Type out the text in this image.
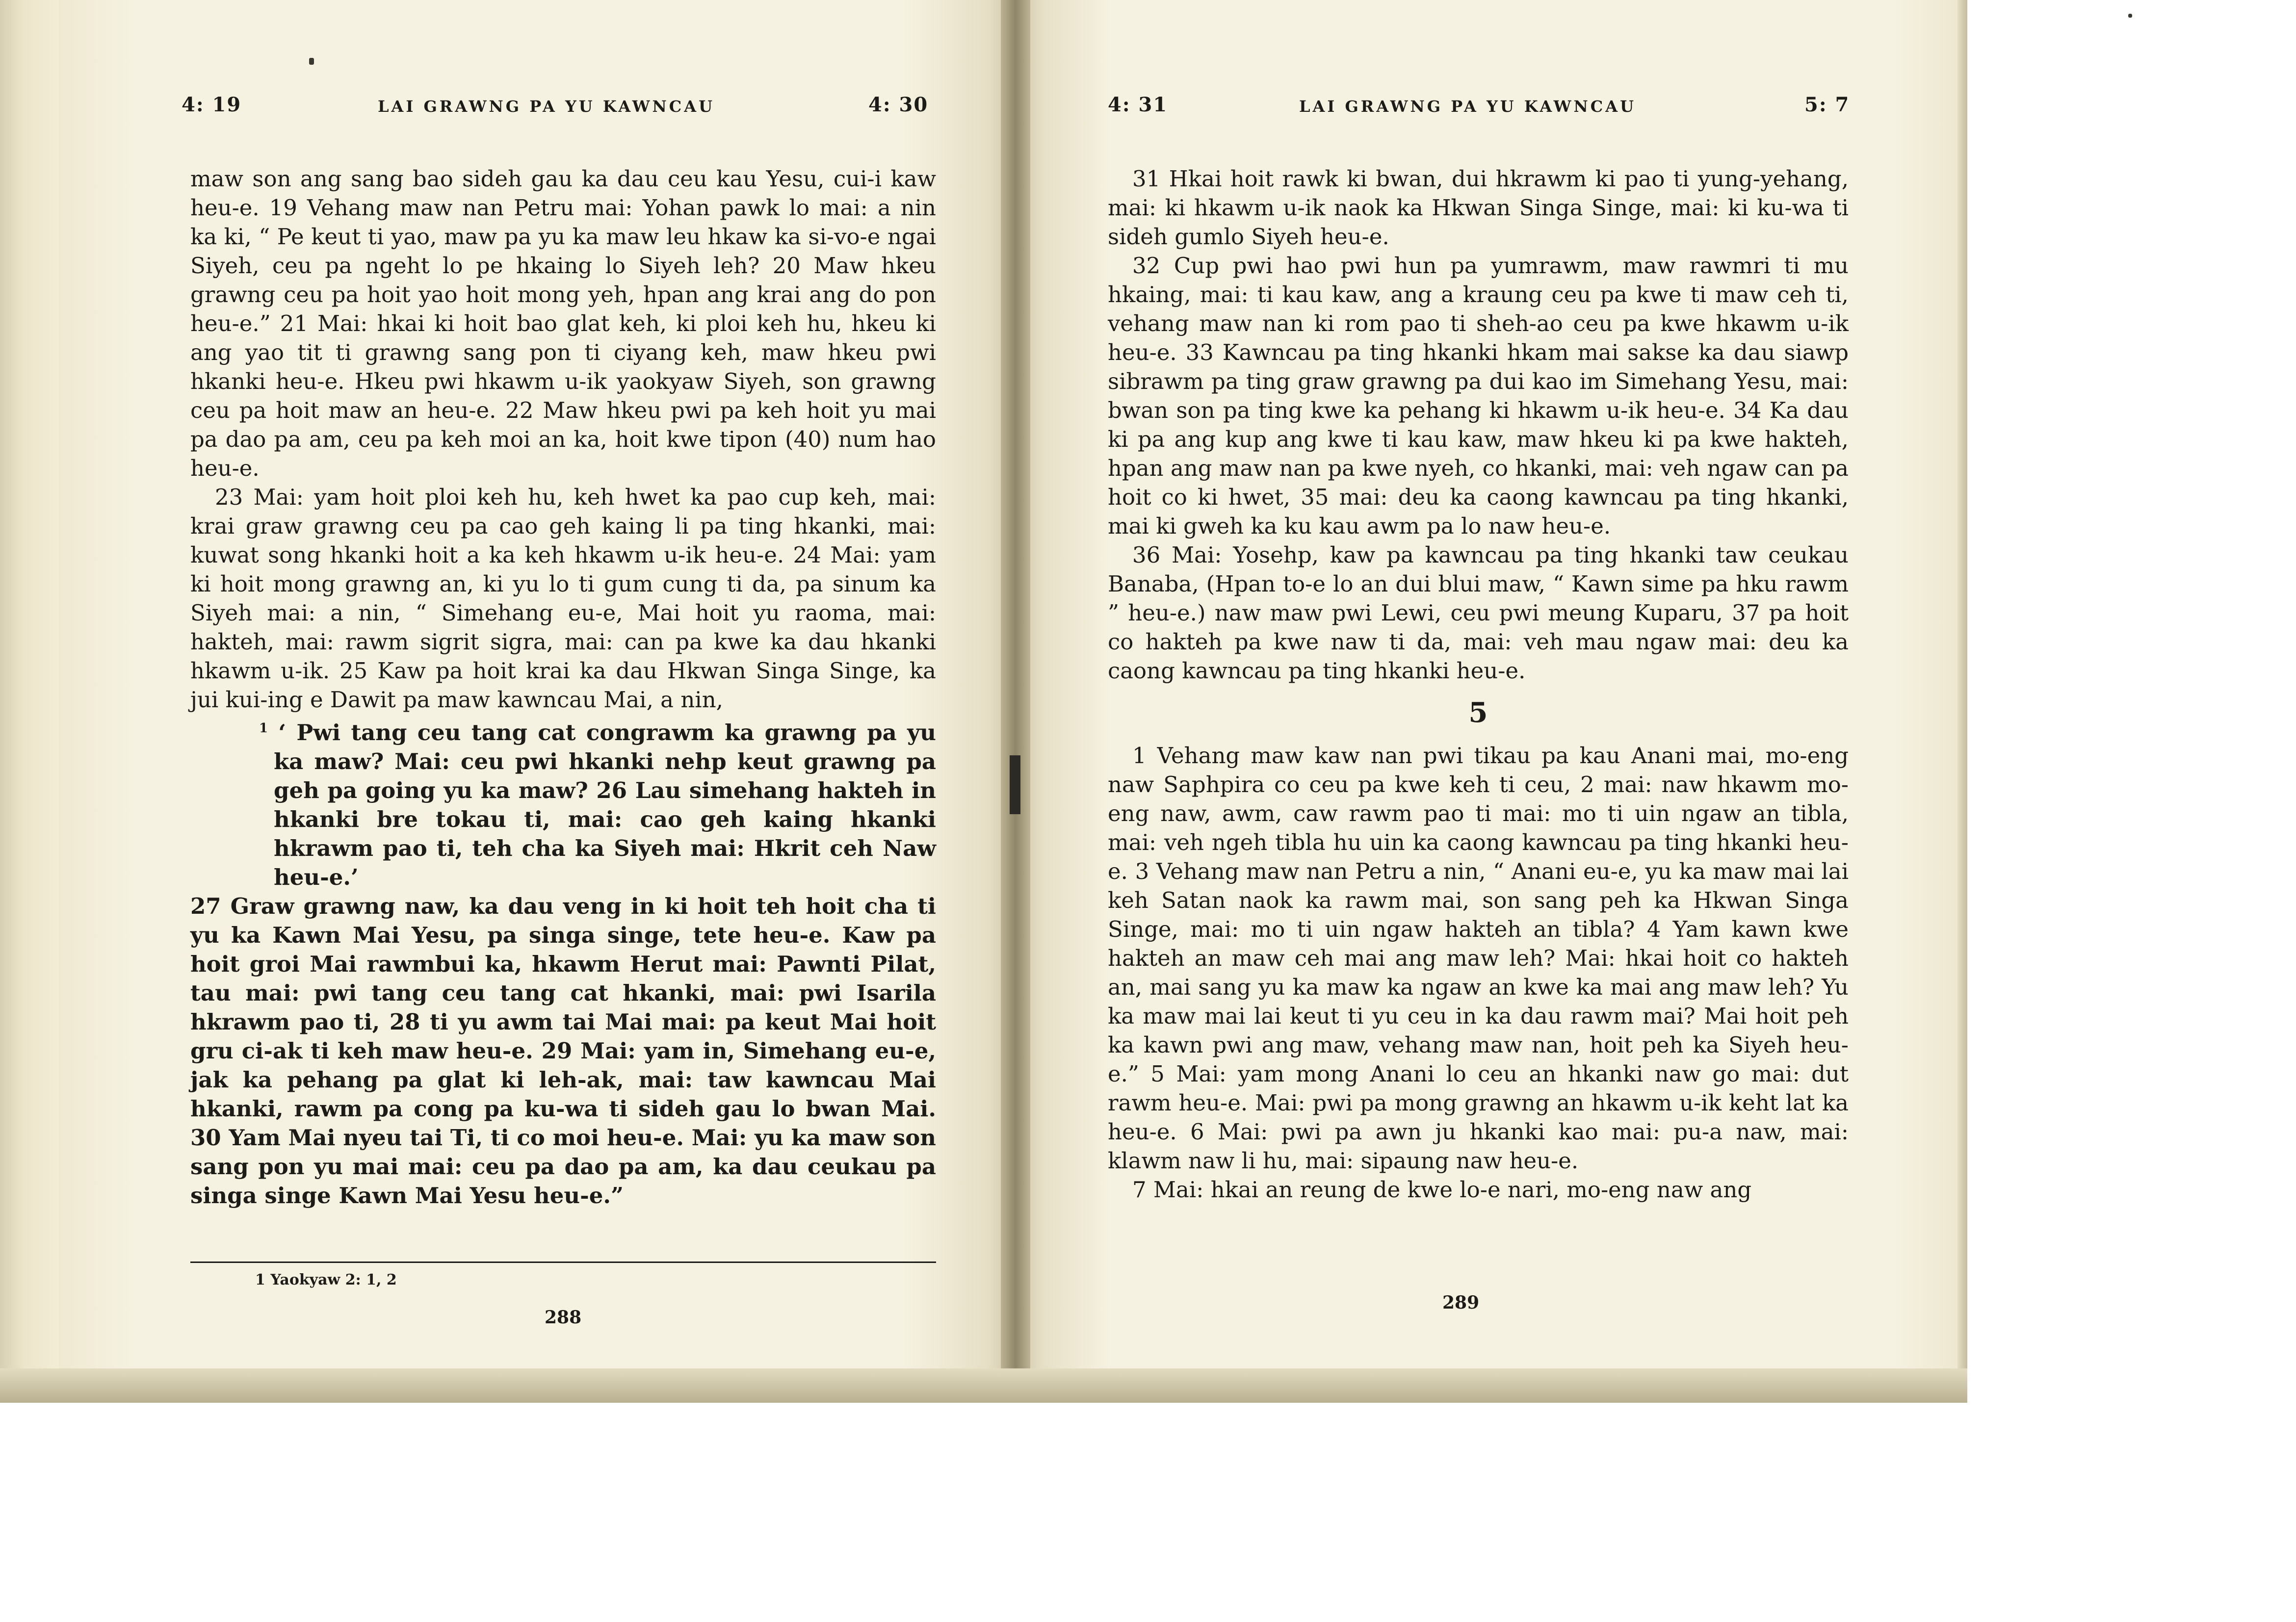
4: 19	LAI GRAWNG PA YU KAWNCAU	4: 30

maw son ang sang bao sideh gau ka dau ceu kau Yesu, cui-i kaw heu-e. 19 Vehang maw nan Petru mai: Yohan pawk lo mai: a nin ka ki, “ Pe keut ti yao, maw pa yu ka maw leu hkaw ka si-vo-e ngai Siyeh, ceu pa ngeht lo pe hkaing lo Siyeh leh? 20 Maw hkeu grawng ceu pa hoit yao hoit mong yeh, hpan ang krai ang do pon heu-e.” 21 Mai: hkai ki hoit bao glat keh, ki ploi keh hu, hkeu ki ang yao tit ti grawng sang pon ti ciyang keh, maw hkeu pwi hkanki heu-e. Hkeu pwi hkawm u-ik yaokyaw Siyeh, son grawng ceu pa hoit maw an heu-e. 22 Maw hkeu pwi pa keh hoit yu mai pa dao pa am, ceu pa keh moi an ka, hoit kwe tipon (40) num hao heu-e.

23 Mai: yam hoit ploi keh hu, keh hwet ka pao cup keh, mai: krai graw grawng ceu pa cao geh kaing li pa ting hkanki, mai: kuwat song hkanki hoit a ka keh hkawm u-ik heu-e. 24 Mai: yam ki hoit mong grawng an, ki yu lo ti gum cung ti da, pa sinum ka Siyeh mai: a nin, “ Simehang eu-e, Mai hoit yu raoma, mai: hakteh, mai: rawm sigrit sigra, mai: can pa kwe ka dau hkanki hkawm u-ik. 25 Kaw pa hoit krai ka dau Hkwan Singa Singe, ka jui kui-ing e Dawit pa maw kawncau Mai, a nin,

$^1$ ‘ Pwi tang ceu tang cat congrawm ka grawng pa yu ka maw? Mai: ceu pwi hkanki nehp keut grawng pa geh pa going yu ka maw? 26 Lau simehang hakteh in hkanki bre tokau ti, mai: cao geh kaing hkanki hkrawm pao ti, teh cha ka Siyeh mai: Hkrit ceh Naw heu-e.’

27 Graw grawng naw, ka dau veng in ki hoit teh hoit cha ti yu ka Kawn Mai Yesu, pa singa singe, tete heu-e. Kaw pa hoit groi Mai rawmbui ka, hkawm Herut mai: Pawnti Pilat, tau mai: pwi tang ceu tang cat hkanki, mai: pwi Isarila hkrawm pao ti, 28 ti yu awm tai Mai mai: pa keut Mai hoit gru ci-ak ti keh maw heu-e. 29 Mai: yam in, Simehang eu-e, jak ka pehang pa glat ki leh-ak, mai: taw kawncau Mai hkanki, rawm pa cong pa ku-wa ti sideh gau lo bwan Mai. 30 Yam Mai nyeu tai Ti, ti co moi heu-e. Mai: yu ka maw son sang pon yu mai mai: ceu pa dao pa am, ka dau ceukau pa singa singe Kawn Mai Yesu heu-e.”

1 Yaokyaw 2: 1, 2
288
4: 31	LAI GRAWNG PA YU KAWNCAU	5: 7

31 Hkai hoit rawk ki bwan, dui hkrawm ki pao ti yung-yehang, mai: ki hkawm u-ik naok ka Hkwan Singa Singe, mai: ki ku-wa ti sideh gumlo Siyeh heu-e.

32 Cup pwi hao pwi hun pa yumrawm, maw rawmri ti mu hkaing, mai: ti kau kaw, ang a kraung ceu pa kwe ti maw ceh ti, vehang maw nan ki rom pao ti sheh-ao ceu pa kwe hkawm u-ik heu-e. 33 Kawncau pa ting hkanki hkam mai sakse ka dau siawp sibrawm pa ting graw grawng pa dui kao im Simehang Yesu, mai: bwan son pa ting kwe ka pehang ki hkawm u-ik heu-e. 34 Ka dau ki pa ang kup ang kwe ti kau kaw, maw hkeu ki pa kwe hakteh, hpan ang maw nan pa kwe nyeh, co hkanki, mai: veh ngaw can pa hoit co ki hwet, 35 mai: deu ka caong kawncau pa ting hkanki, mai ki gweh ka ku kau awm pa lo naw heu-e.

36 Mai: Yosehp, kaw pa kawncau pa ting hkanki taw ceukau Banaba, (Hpan to-e lo an dui blui maw, “ Kawn sime pa hku rawm ” heu-e.) naw maw pwi Lewi, ceu pwi meung Kuparu, 37 pa hoit co hakteh pa kwe naw ti da, mai: veh mau ngaw mai: deu ka caong kawncau pa ting hkanki heu-e.

5

1 Vehang maw kaw nan pwi tikau pa kau Anani mai, mo-eng naw Saphpira co ceu pa kwe keh ti ceu, 2 mai: naw hkawm mo-eng naw, awm, caw rawm pao ti mai: mo ti uin ngaw an tibla, mai: veh ngeh tibla hu uin ka caong kawncau pa ting hkanki heu-e. 3 Vehang maw nan Petru a nin, “ Anani eu-e, yu ka maw mai lai keh Satan naok ka rawm mai, son sang peh ka Hkwan Singa Singe, mai: mo ti uin ngaw hakteh an tibla? 4 Yam kawn kwe hakteh an maw ceh mai ang maw leh? Mai: hkai hoit co hakteh an, mai sang yu ka maw ka ngaw an kwe ka mai ang maw leh? Yu ka maw mai lai keut ti yu ceu in ka dau rawm mai? Mai hoit peh ka kawn pwi ang maw, vehang maw nan, hoit peh ka Siyeh heu-e.” 5 Mai: yam mong Anani lo ceu an hkanki naw go mai: dut rawm heu-e. Mai: pwi pa mong grawng an hkawm u-ik keht lat ka heu-e. 6 Mai: pwi pa awn ju hkanki kao mai: pu-a naw, mai: klawm naw li hu, mai: sipaung naw heu-e.

7 Mai: hkai an reung de kwe lo-e nari, mo-eng naw ang

289
